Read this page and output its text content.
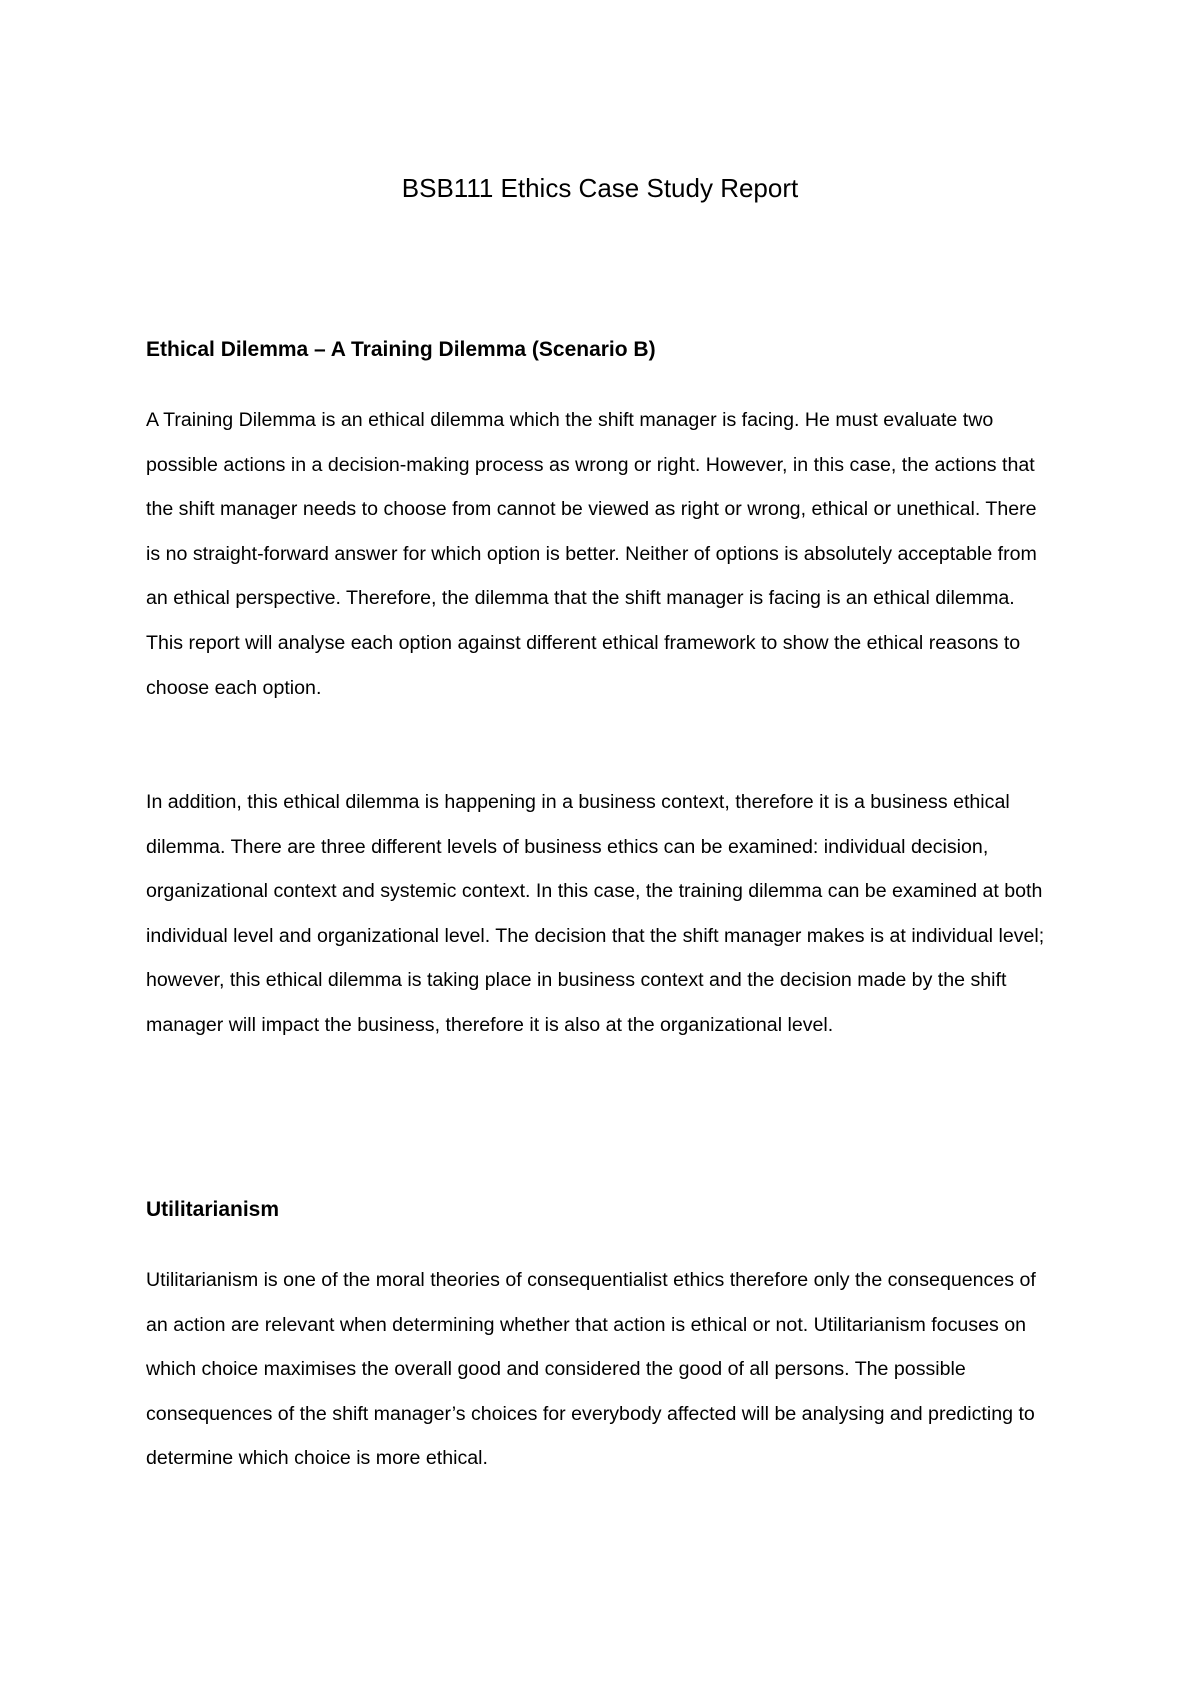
BSB111 Ethics Case Study Report
Ethical Dilemma – A Training Dilemma (Scenario B)

A Training Dilemma is an ethical dilemma which the shift manager is facing. He must evaluate two possible actions in a decision-making process as wrong or right. However, in this case, the actions that the shift manager needs to choose from cannot be viewed as right or wrong, ethical or unethical. There is no straight-forward answer for which option is better. Neither of options is absolutely acceptable from an ethical perspective. Therefore, the dilemma that the shift manager is facing is an ethical dilemma. This report will analyse each option against different ethical framework to show the ethical reasons to choose each option.

In addition, this ethical dilemma is happening in a business context, therefore it is a business ethical dilemma. There are three different levels of business ethics can be examined: individual decision, organizational context and systemic context. In this case, the training dilemma can be examined at both individual level and organizational level. The decision that the shift manager makes is at individual level; however, this ethical dilemma is taking place in business context and the decision made by the shift manager will impact the business, therefore it is also at the organizational level.

Utilitarianism

Utilitarianism is one of the moral theories of consequentialist ethics therefore only the consequences of an action are relevant when determining whether that action is ethical or not. Utilitarianism focuses on which choice maximises the overall good and considered the good of all persons. The possible consequences of the shift manager’s choices for everybody affected will be analysing and predicting to determine which choice is more ethical.
